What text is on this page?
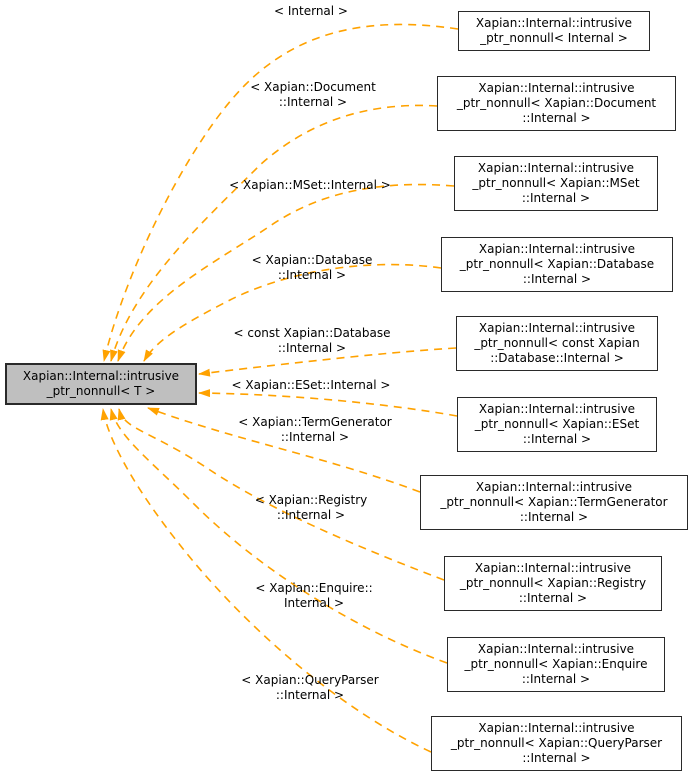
Xapian::Internal::intrusive
_ptr_nonnull< T >
Xapian::Internal::intrusive
_ptr_nonnull< Internal >
Xapian::Internal::intrusive
_ptr_nonnull< Xapian::Document
::Internal >
Xapian::Internal::intrusive
_ptr_nonnull< Xapian::MSet
::Internal >
Xapian::Internal::intrusive
_ptr_nonnull< Xapian::Database
::Internal >
Xapian::Internal::intrusive
_ptr_nonnull< const Xapian
::Database::Internal >
Xapian::Internal::intrusive
_ptr_nonnull< Xapian::ESet
::Internal >
Xapian::Internal::intrusive
_ptr_nonnull< Xapian::TermGenerator
::Internal >
Xapian::Internal::intrusive
_ptr_nonnull< Xapian::Registry
::Internal >
Xapian::Internal::intrusive
_ptr_nonnull< Xapian::Enquire
::Internal >
Xapian::Internal::intrusive
_ptr_nonnull< Xapian::QueryParser
::Internal >
< Internal >
< Xapian::Document
::Internal >
< Xapian::MSet::Internal >
< Xapian::Database
::Internal >
< const Xapian::Database
::Internal >
< Xapian::ESet::Internal >
< Xapian::TermGenerator
::Internal >
< Xapian::Registry
::Internal >
< Xapian::Enquire::
Internal >
< Xapian::QueryParser
::Internal >
